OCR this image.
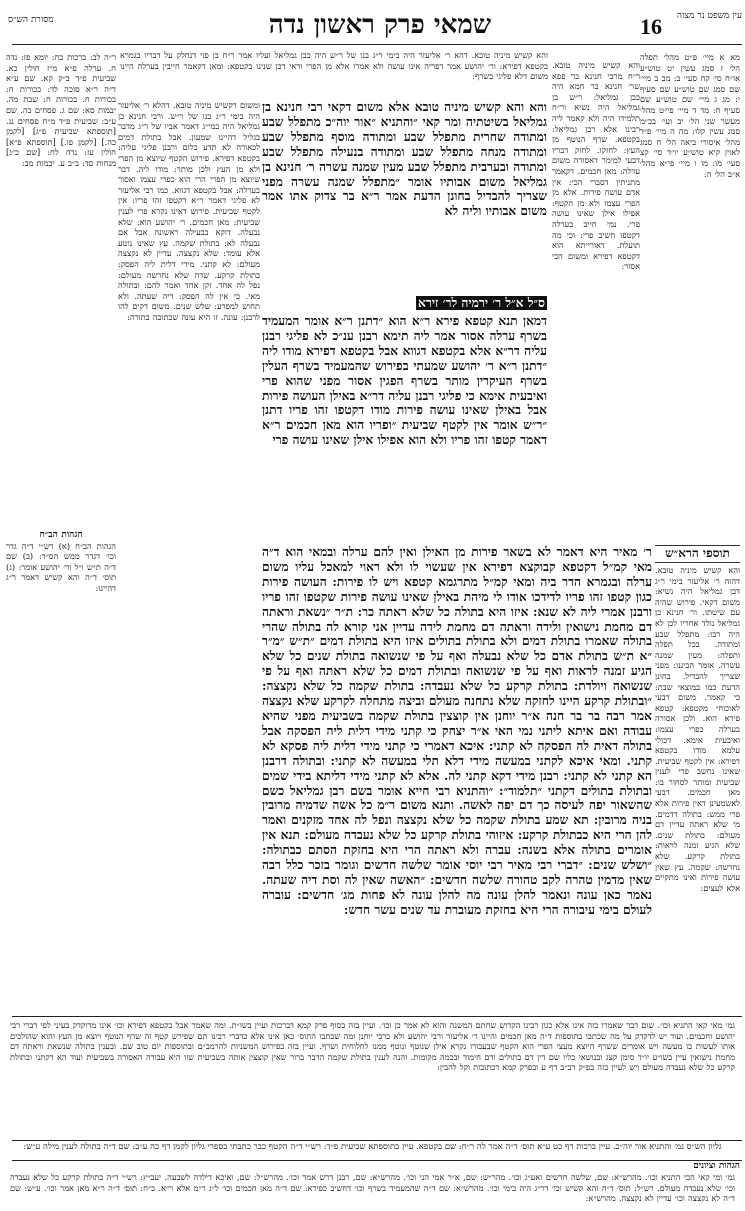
16
שמאי פרק ראשון נדה	עין משפט נר מצוה
מסורת הש״ס
מא א מיי׳ פ״ט מהל׳ תפלה הל׳ ז סמג עשין יט טוש״ע או״ח סי׳ קח סעי׳ ב: מב ב מיי׳ שם סמג שם טוש״ע שם סעיף י: מג ג מיי׳ שם טוש״ע שם סעיף ח: מד ד מיי׳ פי״ט מהל׳ מעשר שני הל׳ יב ועי׳ בכ״מ סמג עשין קלו: מה ה מיי׳ פ״ד מהל׳ איסורי ביאה הל׳ ח סמג לאוין קיא טוש״ע יו״ד סי׳ קצ סעי׳ מו: מו ו מיי׳ פי״א מהל׳ א״ב הל׳ ה:
והא קשיש מיניה טובא. ר״ח מרבי חנינא בר פפא שר׳ חנינא בר חמא היה כבן גמליאל: ר״ש בן גמליאל היה נשיא ור״ח תלמידו היה ולא קאמר ליה רבינו אלא רבן גמליאל: בקטפא. שרף הנוטף מן העץ: לחזקו. לחזק דבריו דבעי למימר דאסורה משום ערלה: מאן חכמים. דקאמר מתניתין דסברי הכי: אין אדם עושה פירות. אלא מן הפרי עצמו ולא מן הקטף: אפילו אילן שאינו עושה פרי. נמי חייב בערלה דקטפו חשיב פרי: וכי מה תועלת. דאורייתא הוא דקטפא דפירא ומשום הכי אסור:
והא קשיש מיניה טובא. דהא ר׳ אליעזר היה בימי ר״ג בנו של ר״ש היה כבן גמליאל ועליו אמר ר״ח בן פזי דנחלק על דבריו בגמרא בקטפא דפירא: ור׳ יהושע אמר דפריה אינו עושה ולא אמרו אלא מן הפרי ודאי דכן שנינו בקטפא: ומאן דקאמר חייבין בערלה היינו משום דלא פליגי בשרף:
והא והא קשיש מיניה טובא אלא משום דקאי רבי חנינא בן גמליאל בשיטתיה ומר קאי ״והתניא ״אור יוה״כ מתפלל שבע ומתודה שחרית מתפלל שבע ומתודה מוסף מתפלל שבע ומתודה מנחה מתפלל שבע ומתודה בנעילה מתפלל שבע ומתודה ובערבית מתפלל שבע מעין שמנה עשרה ר׳ חנינא בן גמליאל משום אבותיו אומר ״מתפלל שמנה עשרה מפני שצריך להבדיל בחונן הדעת אמר ר״א בר צדוק אתו אמר משום אבותיו וליה לא
ס״ל א״ל ר׳ ירמיה לר׳ זירא
דמאן תנא קטפא פירא ר״א הוא ״דתנן ר״א אומר המעמיד בשרף ערלה אסור אמר ליה תימא רבנן ענ״כ לא פליגי רבנן עליה דר״א אלא בקטפא דגווא אבל בקטפא דפירא מודו ליה ״דתנן ר״א ר׳ יהושע שמעתי בפירוש שהמעמיד בשרף העלין בשרף העיקרין מותר בשרף הפגין אסור מפני שהוא פרי ואיבעית אימא כי פליגי רבנן עליה דר״א באילן העושה פירות אבל באילן שאינו עושה פירות מודו דקטפו זהו פריו דתנן ״ר״ש אומר אין לקטף שביעית ״ופריו הוא מאן חכמים ר״א דאמר קטפו זהו פריו ולא הוא אפילו אילן שאינו עושה פרי
ומשום דקשיש מיניה טובא. דהלא ר׳ אליעזר היה בימי ר״ג בנו של ר״ש. ורבי חנינא בן גמליאל היה במי״ג דאמר אביו של ר״ג מדבר בגליל דהיינו שמעון. אבל בתולת דמים לכאורה לא תדע כלום ורבנן פליגי עליה: בקטפא דפירא. פירוש הקטף שיוצא מן הפרי ולא מן העץ ולכן מותר: מודו ליה. דבר שיוצא מן הפרי הרי הוא כפרי עצמו ואסור בערלה: אבל בקטפא דגווא. כמו רבי אליעזר לא פליגי דאמר ר״א דקטפו זהו פריו: אין לקטף שביעית. פירוש דאינו נקרא פרי לענין שביעית: מאן חכמים. ר׳ יהושע הוא: שלא נבעלה. דוקא בבעילה ראשונה אבל אם נבעלה לא: בתולת שקמה. עץ שאינו נוטע אלא עומד: שלא נקצצה. עדיין לא נקצצה מעולם: לא קתני. מידי דלית ליה הפסק: בתולת קרקע. שדה שלא נחרשה מעולם: נפל לה אחד. זקן אחד ואמר להם: ובתולה מאי. כי אין לה הפסק: דיה שעתה. ולא תחוש למפרע: שלש שנים. משום דקים להו לרבנן: עונה. זו היא עונה שכתובה בתורה:
תוספי הרא״ש
והא קשיש מיניה טובא. דהוה ר׳ אליעזר בימי ר״ג דבן גמליאל היה נשיא: משום דקאי. פירוש שהיה עם שיטתו. ור׳ חנינא בן גמליאל נולד אחריו לכן לא היה רבו: מתפלל שבע ומתודה. בכל תפלה ותפלה: מעין שמנה עשרה. אומר הביננו: מפני שצריך להבדיל. בחונן הדעת כמו במוצאי שבת: כי קאמר. משום דבעי לאוכוחי מקטפא: קטפא פירא הוא. ולכן אסורה בערלה כפרי עצמו: ואיבעית אימא. דכולי עלמא מודו בקטפא דפירא: אין לקטף שביעית. שאינו נחשב פרי לענין שביעית ומותר לסחור בו: מאן חכמים. דבעי לאשמעינן דאין פירות אלא פרי ממש: בתולה דדמים. מי שלא ראתה עדיין דם מעולם: בתולת שנים. שלא הגיע זמנה לראות: בתולת קרקע. שלא נחרשה: שקמה. עץ שאין עושה פירות ואינו מתקיים אלא לעצים:
ר׳ מאיר היא דאמר לא בשאר פירות מן האילן ואין להם ערלה ובמאי הוא ד״ה מאי קמ״ל דקטפא קבוקצא דפירא אין שעשוי לו ולא ראוי למאכל עליו משום ערלה ובגמרא הדר ביה ומאי קמ״ל מתרגמא קטפא ויש לו פירות: העושה פירות כגון קטפו זהו פריו לדידכו אודו לי מיהת באילן שאינו עושה פירות שקטפו זהו פריו ורבנן אמרי ליה לא שנא: איזו היא בתולה כל שלא ראתה כר: ת״ר ״נשאת וראתה דם מחמת נישואין ולידה וראתה דם מחמת לידה עדיין אני קורא לה בתולה שהרי בתולה שאמרו בתולת דמים ולא בתולת בתולים איזו היא בתולת דמים ״ת״ש ״מ״ר ״א ת״ש בתולת אדם כל שלא נבעלה ואף על פי שנשואה בתולת שנים כל שלא הגיע זמנה לראות ואף על פי שנשואה ובתולת דמים כל שלא ראתה ואף על פי שנשואה ויולדת: בתולת קרקע כל שלא נעבדה: בתולת שקמה כל שלא נקצצה: ״ובתולת קרקע היינו לחזקה שלא נתחנה מעולם וביצה מתחלה לקרקע שלא נקצצה אמר רבה בר בר חנה א״ר יוחנן אין קוצצין בתולת שקמה בשביעית מפני שהיא עבודה ואם איתא ליתני נמי האי א״ר יצחק כי קתני מידי דלית ליה הפסקה אבל בתולה דאית לה הפסקה לא קתני: איכא דאמרי כי קתני מידי דלית ליה פסקא לא קתני. ומאי איכא לקתני במעשה מידי דלא תלי במעשה לא קתני: ובתולה דרבנן הא קתני לא קתני: רבנן מידי דקא קתני לה. אלא לא קתני מידי דליתא בידי שמים ובתולת בתולים דקתני ״תלמוד״: ״והתניא רבי חייא אומר בשם רבן גמליאל כשם שהשאור יפה לעיסה כך דם יפה לאשה. ותנא משום ר״מ כל אשה שדמיה מרובין בניה מרובין: תא שמע בתולת שקמה כל שלא נקצצה ונפל לה אחד מזקנים ואמר להן הרי היא כבתולת קרקע: איזוהי בתולת קרקע כל שלא נעבדה מעולם: תנא אין אומרים בתולה אלא בשנה: עברה ולא ראתה הרי היא בחזקת הסתם כבתולה: ״ושלש שנים: ״דברי רבי מאיר רבי יוסי אומר שלשה חדשים וגומר בזכר כלל רבה שאין מדמין טהרה לקב טהורה שלשה חדשים: ״האשה שאין לה וסת דיה שעתה. נאמר כאן עונה ונאמר להלן עונה מה להלן עונה לא פחות מג׳ חדשים: עוברה לעולם בימי עיבורה הרי היא בחזקת מעוברת עד שנים עשר חדש:
ר״ה לב: ברכות כח: יומא פז: נדה ח. ערלה פ״א מ״ז חולין כא. שביעית פ״ד ב״ק קא. שם ע״א ד״ה ר״א סוכה לד: בכורות ח: בכורות ח. בכורות ח: שבת מה. יבמות סא: שם ג. פסחים כה. שם ע״ב: שביעית פ״ד מ״ח פסחים נג. [תוספתא שביעית פ״ג] [לקמן כה.] [לקמן פו.] [תוספתא פ״א] חולין עז: נדה לח: [שם כ״ג] מנחות סד: ב״ב ע. יבמות מב:
הגהות הב״ח
הגהות הב״ח (א) רש״י ד״ה גדר וכו׳ דגדר ממש הס״ד: (ב) שם ד״ה ת״ש ו״ל ור׳ יהושע אומר: (ג) תוס׳ ד״ה והא קשיש דאמר ר״ג דהיינו:
גמ׳ מאי קאי התניא וכו׳. שום דבר שאמרו בזה אינו אלא כגון רבינו הקדוש שחתם המשנה והוא לא אמר כן וכו׳. ועיין בזה בסוף פרק קמא דברכות ועיין בשו״ת. ומה שאמר אבל בקטפא דפירא וכו׳ אינו מדוקדק בעיני לפי דברי רבי יהושע וחכמים. ועוד יש לדקדק על מה שכתבו בתוספות ד״ה מאן חכמים והיינו ר׳ אליעזר ורבי יהושע ולא כרבי יוחנן ומה שכתבו התוס׳ כאן אינו אלא כדברי רבינו תם שפירש קטף זה שרף הנוטף ויוצא מן העץ והוא שהולכים אותו לעשות בו מעשה ויש אומרים ששרף היוצא מעצי הפרי הוא הקטף שבעבורו נקרא אילן שנוטף ונוטף ממנו לחלוחית ושרף. ועיין בזה בפירוש המשניות להרמב״ם ובתוספות יום טוב שם. ובענין בתולה שנשאת וראתה דם מחמת נישואין עיין בשו״ע יו״ד סימן קצג ובנושאי כליו שם דין דם בתולים ודם חימוד ובכמה מקומות. והנה לענין בתולת שקמה הדבר ברור שאין קוצצין אותה בשביעית שזו היא עבודה האסורה בשביעית ועוד הא דקתני ובתולת קרקע כל שלא נעבדה מעולם ויש לעיין בזה בפ״ק דב״ב דף ע ובפרק קמא דכתובות וקל להבין:
גליון הש״ס גמ׳ והתניא אור יוה״כ. עיין ברכות דף כט ע״א תוס׳ ד״ה אמר לה ר״ח: שם בקטפא. עיין בתוספתא שביעית פ״ד: רש״י ד״ה הקטף כבר כתבתי בספרי גליון לקמן דף כה ע״ב: שם ד״ה בתולה לענין מילה ע״ש:
הגהות וציונים
גמ׳ ומי קאי הכי התניא וכו׳. מהרש״א: שם, שלשה חדשים ואע״ג וכו׳. מהר״ש: שם, א״ר אמי הני וכו׳. מהרש״א: שם, רבנן דרש אמר וכו׳. מהרש״ל: שם, ואיכא דילדה לשבעה. יעב״ץ: רש״י ד״ה בתולת קרקע כל שלא נעבדה וכו׳ שלא נעבדה מעולם. רש״ל: תוס׳ ד״ה והא קשיש וכו׳ דר״ג היה בימי וכו׳. מהרש״א: שם ד״ה שהמעמיד בשרף וכו׳ דחשיב כפירא: שם ד״ה מאן חכמים וכו׳ ל״ג ר״מ אלא ר״א. ב״ח: תוס׳ ד״ה ר״א מאן אמר וכו׳. ע״ש: שם ד״ה לא נקצצה וכו׳ עדיין לא נקצצה. מהרש״א:
